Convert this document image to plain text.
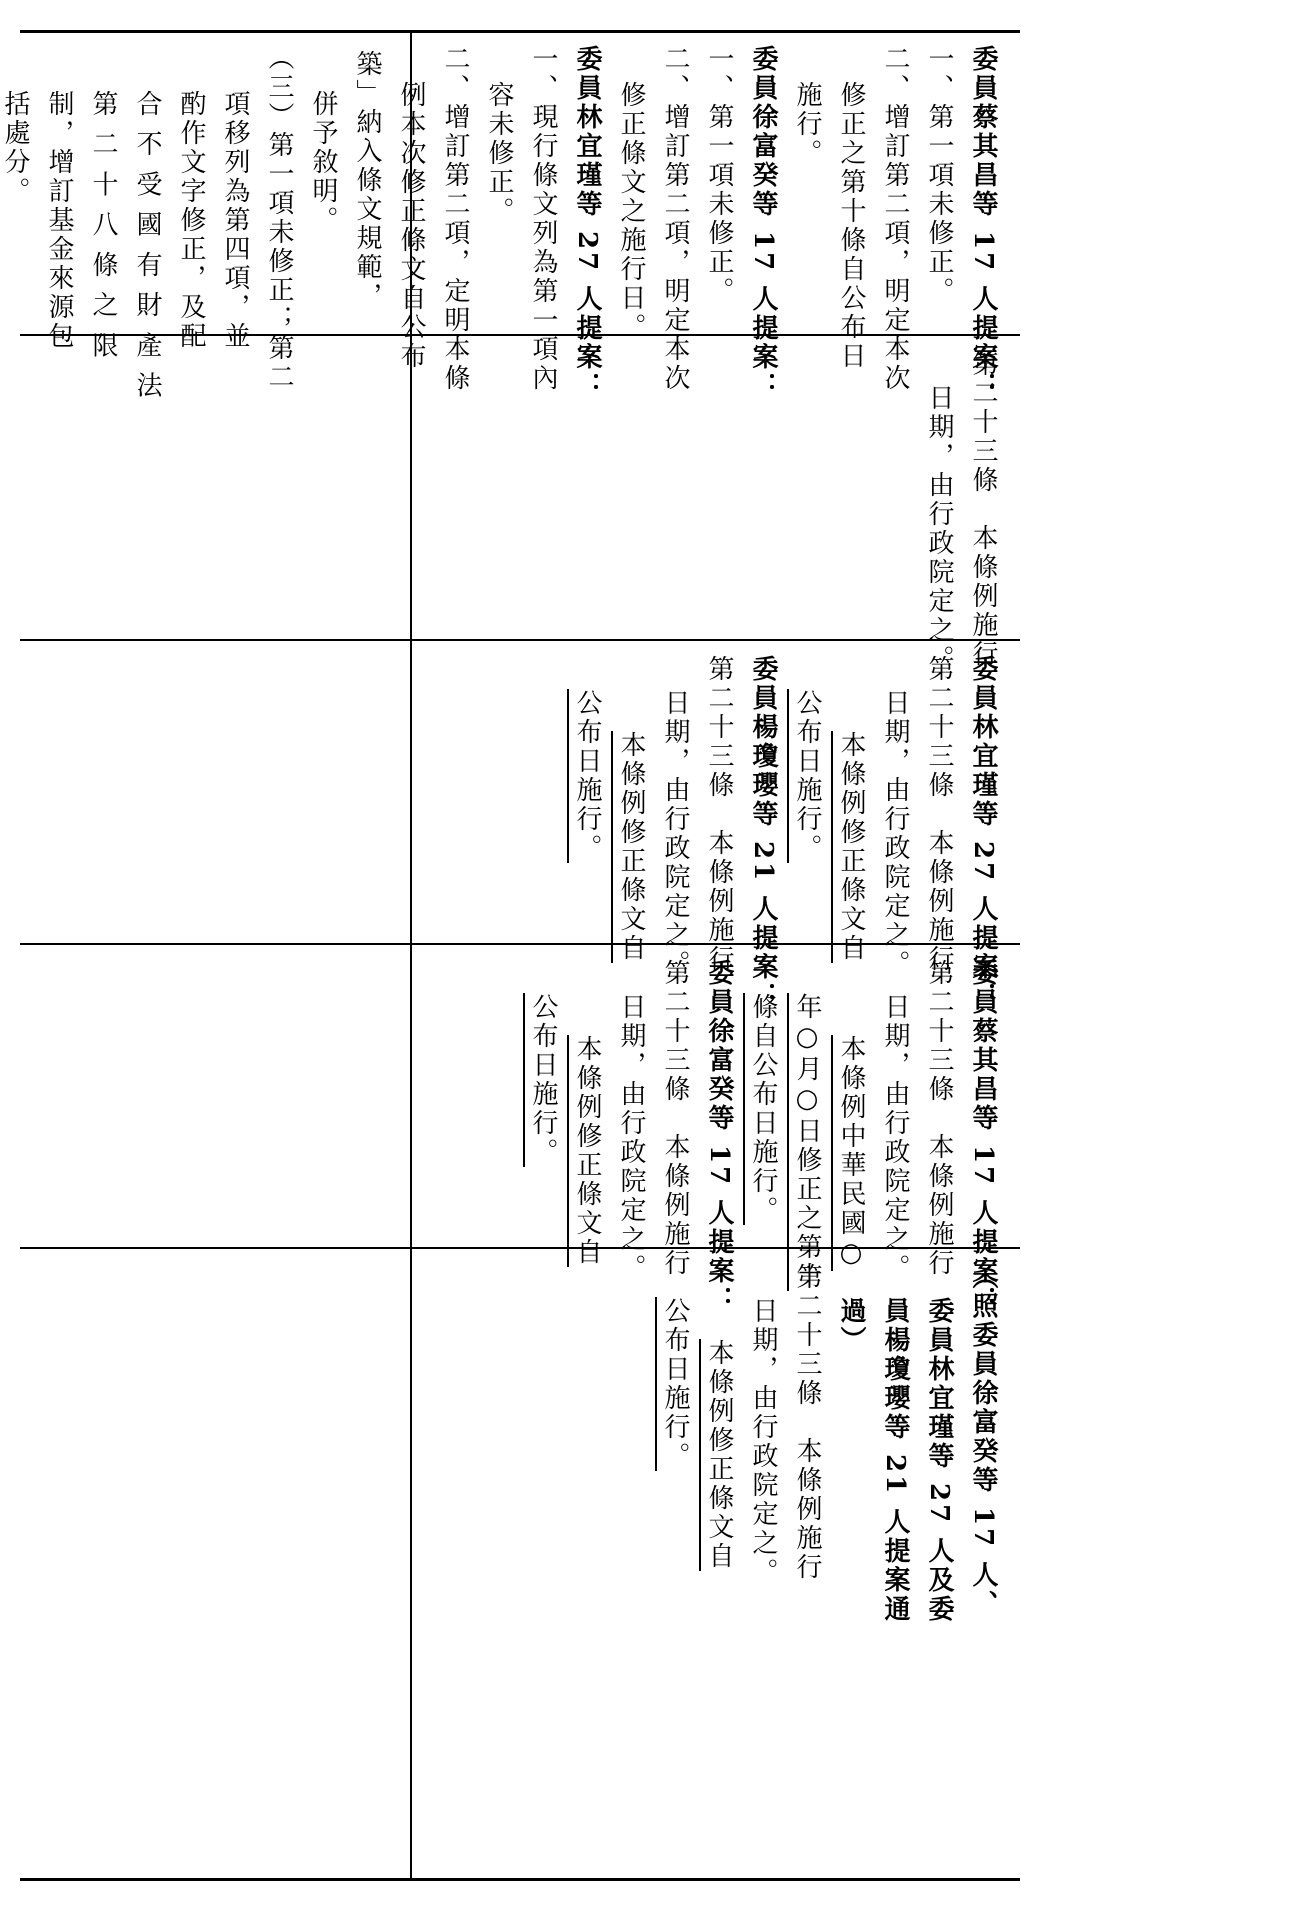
築」納入條文規範，
併予敘明。
（三）第一項未修正；第二
項移列為第四項，並
酌作文字修正，及配
合 不 受 國 有 財 產 法
第 二 十 八 條 之 限
制，增訂基金來源包
括處分。
（照委員徐富癸等 17 人、
委員林宜瑾等 27 人及委
員楊瓊瓔等 21 人提案通
過）
第二十三條　本條例施行
日期，由行政院定之。
本條例修正條文自
公布日施行。
委員蔡其昌等 17 人提案：
第二十三條　本條例施行
日期，由行政院定之。
本條例中華民國○
年○月○日修正之第十
條自公布日施行。
委員徐富癸等 17 人提案：
第二十三條　本條例施行
日期，由行政院定之。
本條例修正條文自
公布日施行。
委員林宜瑾等 27 人提案：
第二十三條　本條例施行
日期，由行政院定之。
本條例修正條文自
公布日施行。
委員楊瓊瓔等 21 人提案：
第二十三條　本條例施行
日期，由行政院定之。
本條例修正條文自
公布日施行。
第二十三條　本條例施行
日期，由行政院定之。
委員蔡其昌等 17 人提案：
一、第一項未修正。
二、增訂第二項，明定本次
修正之第十條自公布日
施行。
委員徐富癸等 17 人提案：
一、第一項未修正。
二、增訂第二項，明定本次
修正條文之施行日。
委員林宜瑾等 27 人提案：
一、現行條文列為第一項內
容未修正。
二、增訂第二項，定明本條
例本次修正條文自公布
